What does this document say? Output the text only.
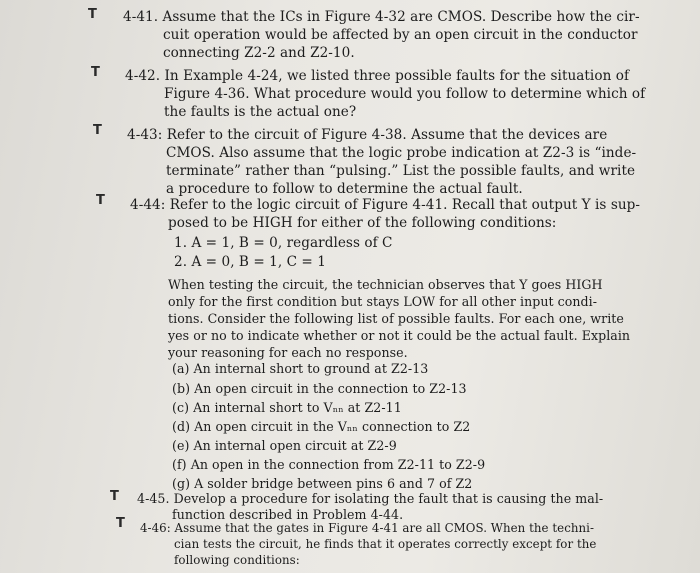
T 4-41. Assume that the ICs in Figure 4-32 are CMOS. Describe how the cir-
cuit operation would be affected by an open circuit in the conductor
connecting Z2-2 and Z2-10.
T 4-42. In Example 4-24, we listed three possible faults for the situation of
Figure 4-36. What procedure would you follow to determine which of
the faults is the actual one?
T 4-43: Refer to the circuit of Figure 4-38. Assume that the devices are
CMOS. Also assume that the logic probe indication at Z2-3 is “inde-
terminate” rather than “pulsing.” List the possible faults, and write
a procedure to follow to determine the actual fault.
T 4-44: Refer to the logic circuit of Figure 4-41. Recall that output Y is sup-
posed to be HIGH for either of the following conditions:
1. A = 1, B = 0, regardless of C
2. A = 0, B = 1, C = 1
When testing the circuit, the technician observes that Y goes HIGH
only for the first condition but stays LOW for all other input condi-
tions. Consider the following list of possible faults. For each one, write
yes or no to indicate whether or not it could be the actual fault. Explain
your reasoning for each no response.
(a) An internal short to ground at Z2-13
(b) An open circuit in the connection to Z2-13
(c) An internal short to Vₙₙ at Z2-11
(d) An open circuit in the Vₙₙ connection to Z2
(e) An internal open circuit at Z2-9
(f) An open in the connection from Z2-11 to Z2-9
(g) A solder bridge between pins 6 and 7 of Z2
T 4-45. Develop a procedure for isolating the fault that is causing the mal-
function described in Problem 4-44.
T 4-46: Assume that the gates in Figure 4-41 are all CMOS. When the techni-
cian tests the circuit, he finds that it operates correctly except for the
following conditions:
